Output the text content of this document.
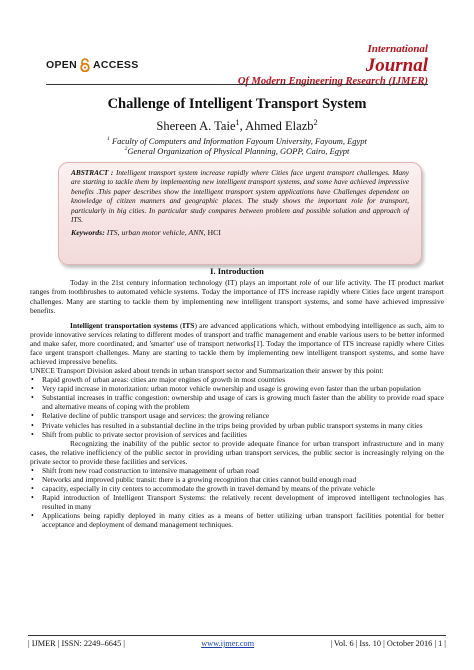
OPEN ACCESS
International
Journal
Of Modern Engineering Research (IJMER)
Challenge of Intelligent Transport System
Shereen A. Taie$^1$, Ahmed Elazb$^2$
$^1$ Faculty of Computers and Information Fayoum University, Fayoum, Egypt
$^2$General Organization of Physical Planning, GOPP, Cairo, Egypt

ABSTRACT : Intelligent transport system increase rapidly where Cities face urgent transport challenges. Many are starting to tackle them by implementing new intelligent transport systems, and some have achieved impressive benefits .This paper describes show the intelligent transport system applications have Challenges dependent on knowledge of citizen manners and geographic places. The study shows the important role for transport, particularly in big cities. In particular study compares between problem and possible solution and approach of ITS.

Keywords: ITS, urban motor vehicle, ANN, HCI

I. Introduction

Today in the 21st century information technology (IT) plays an important role of our life activity. The IT product market ranges from toothbrushes to automated vehicle systems. Today the importance of ITS increase rapidly where Cities face urgent transport challenges. Many are starting to tackle them by implementing new intelligent transport systems, and some have achieved impressive benefits.

Intelligent transportation systems (ITS) are advanced applications which, without embodying intelligence as such, aim to provide innovative services relating to different modes of transport and traffic management and enable various users to be better informed and make safer, more coordinated, and 'smarter' use of transport networks[1]. Today the importance of ITS increase rapidly where Cities face urgent transport challenges. Many are starting to tackle them by implementing new intelligent transport systems, and some have achieved impressive benefits.

UNECE Transport Division asked about trends in urban transport sector and Summarization their answer by this point:

• Rapid growth of urban areas: cities are major engines of growth in most countries
• Very rapid increase in motorization: urban motor vehicle ownership and usage is growing even faster than the urban population
• Substantial increases in traffic congestion: ownership and usage of cars is growing much faster than the ability to provide road space and alternative means of coping with the problem
• Relative decline of public transport usage and services: the growing reliance
• Private vehicles has resulted in a substantial decline in the trips being provided by urban public transport systems in many cities
• Shift from public to private sector provision of services and facilities

Recognizing the inability of the public sector to provide adequate finance for urban transport infrastructure and in many cases, the relative inefficiency of the public sector in providing urban transport services, the public sector is increasingly relying on the private sector to provide these facilities and services.

• Shift from new road construction to intensive management of urban road
• Networks and improved public transit: there is a growing recognition that cities cannot build enough road
• capacity, especially in city centers to accommodate the growth in travel demand by means of the private vehicle
• Rapid introduction of Intelligent Transport Systems: the relatively recent development of improved intelligent technologies has resulted in many
• Applications being rapidly deployed in many cities as a means of better utilizing urban transport facilities potential for better acceptance and deployment of demand management techniques.
| IJMER | ISSN: 2249–6645 |	www.ijmer.com	| Vol. 6 | Iss. 10 | October 2016 | 1 |
